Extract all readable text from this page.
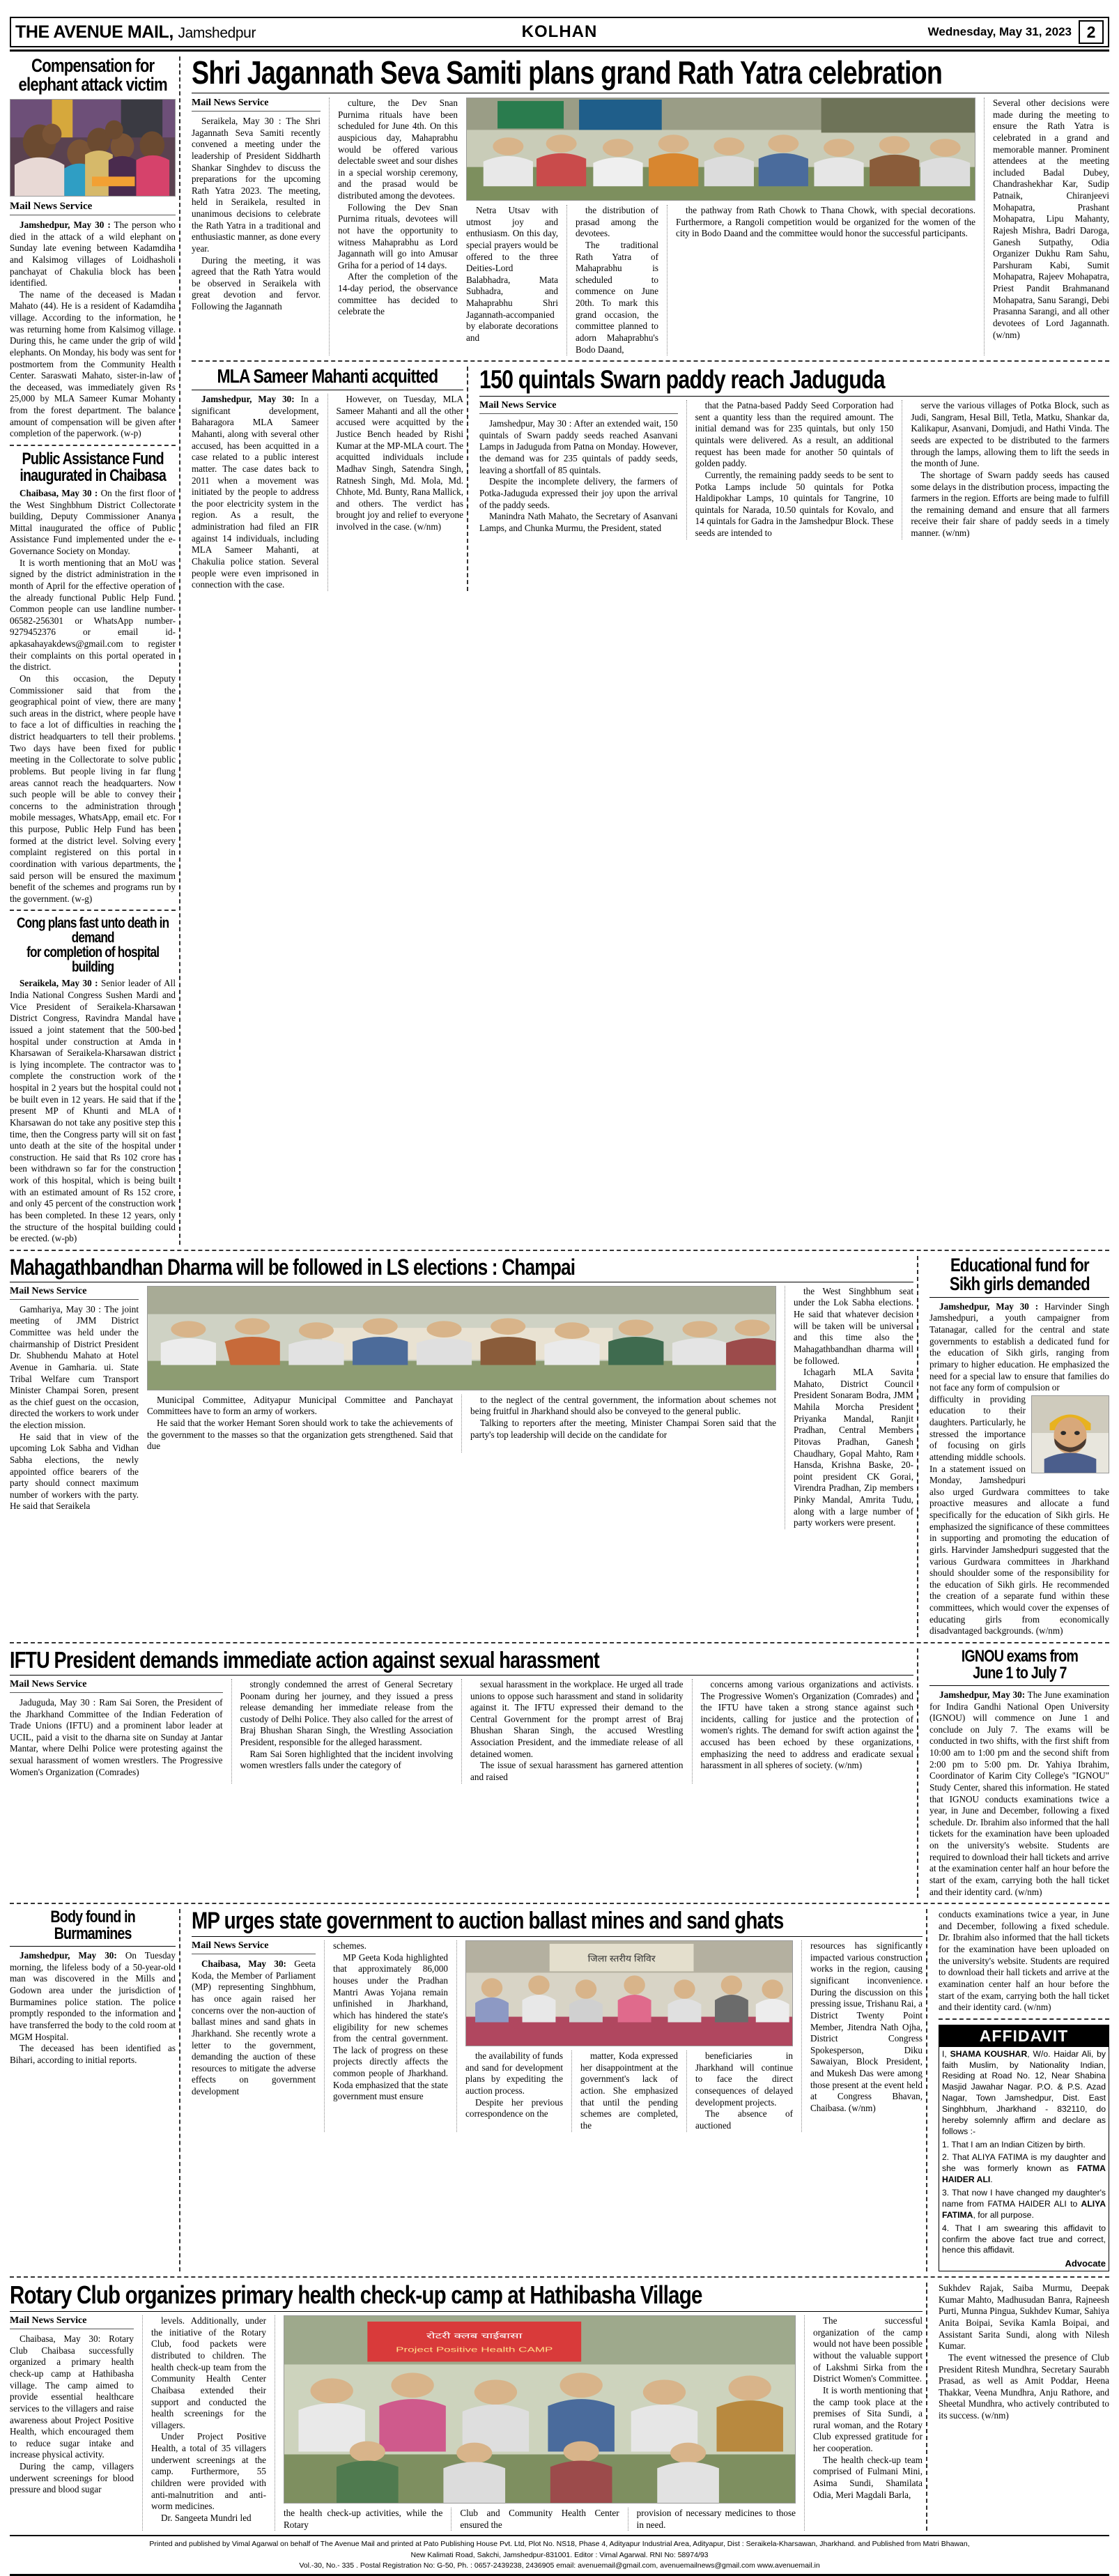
THE AVENUE MAIL, Jamshedpur	KOLHAN	Wednesday, May 31, 2023 2
Compensation for
elephant attack victim
Mail News Service

Jamshedpur, May 30 : The person who died in the attack of a wild elephant on Sunday late evening between Kadamdiha and Kalsimog villages of Loidhasholi panchayat of Chakulia block has been identified.

The name of the deceased is Madan Mahato (44). He is a resident of Kadamdiha village. According to the information, he was returning home from Kalsimog village. During this, he came under the grip of wild elephants. On Monday, his body was sent for postmortem from the Community Health Center. Saraswati Mahato, sister-in-law of the deceased, was immediately given Rs 25,000 by MLA Sameer Kumar Mohanty from the forest department. The balance amount of compensation will be given after completion of the paperwork. (w-p)

Public Assistance Fund
inaugurated in Chaibasa

Chaibasa, May 30 : On the first floor of the West Singhbhum District Collectorate building, Deputy Commissioner Ananya Mittal inaugurated the office of Public Assistance Fund implemented under the e-Governance Society on Monday.

It is worth mentioning that an MoU was signed by the district administration in the month of April for the effective operation of the already functional Public Help Fund. Common people can use landline number- 06582-256301 or WhatsApp number- 9279452376 or email id-apkasahayakdews@gmail.com to register their complaints on this portal operated in the district.

On this occasion, the Deputy Commissioner said that from the geographical point of view, there are many such areas in the district, where people have to face a lot of difficulties in reaching the district headquarters to tell their problems. Two days have been fixed for public meeting in the Collectorate to solve public problems. But people living in far flung areas cannot reach the headquarters. Now such people will be able to convey their concerns to the administration through mobile messages, WhatsApp, email etc. For this purpose, Public Help Fund has been formed at the district level. Solving every complaint registered on this portal in coordination with various departments, the said person will be ensured the maximum benefit of the schemes and programs run by the government. (w-g)

Cong plans fast unto death in demand
for completion of hospital building

Seraikela, May 30 : Senior leader of All India National Congress Sushen Mardi and Vice President of Seraikela-Kharsawan District Congress, Ravindra Mandal have issued a joint statement that the 500-bed hospital under construction at Amda in Kharsawan of Seraikela-Kharsawan district is lying incomplete. The contractor was to complete the construction work of the hospital in 2 years but the hospital could not be built even in 12 years. He said that if the present MP of Khunti and MLA of Kharsawan do not take any positive step this time, then the Congress party will sit on fast unto death at the site of the hospital under construction. He said that Rs 102 crore has been withdrawn so far for the construction work of this hospital, which is being built with an estimated amount of Rs 152 crore, and only 45 percent of the construction work has been completed. In these 12 years, only the structure of the hospital building could be erected. (w-pb)

Shri Jagannath Seva Samiti plans grand Rath Yatra celebration
Mail News Service

Seraikela, May 30 : The Shri Jagannath Seva Samiti recently convened a meeting under the leadership of President Siddharth Shankar Singhdev to discuss the preparations for the upcoming Rath Yatra 2023. The meeting, held in Seraikela, resulted in unanimous decisions to celebrate the Rath Yatra in a traditional and enthusiastic manner, as done every year.

During the meeting, it was agreed that the Rath Yatra would be observed in Seraikela with great devotion and fervor. Following the Jagannath

culture, the Dev Snan Purnima rituals have been scheduled for June 4th. On this auspicious day, Mahaprabhu would be offered various delectable sweet and sour dishes in a special worship ceremony, and the prasad would be distributed among the devotees.

Following the Dev Snan Purnima rituals, devotees will not have the opportunity to witness Mahaprabhu as Lord Jagannath will go into Amusar Griha for a period of 14 days.

After the completion of the 14-day period, the observance committee has decided to celebrate the

Netra Utsav with utmost joy and enthusiasm. On this day, special prayers would be offered to the three Deities-Lord Balabhadra, Mata Subhadra, and Mahaprabhu Shri Jagannath-accompanied by elaborate decorations and

the distribution of prasad among the devotees.

The traditional Rath Yatra of Mahaprabhu is scheduled to commence on June 20th. To mark this grand occasion, the committee planned to adorn Mahaprabhu's Bodo Daand,

the pathway from Rath Chowk to Thana Chowk, with special decorations. Furthermore, a Rangoli competition would be organized for the women of the city in Bodo Daand and the committee would honor the successful participants.

Several other decisions were made during the meeting to ensure the Rath Yatra is celebrated in a grand and memorable manner. Prominent attendees at the meeting included Badal Dubey, Chandrashekhar Kar, Sudip Patnaik, Chiranjeevi Mohapatra, Prashant Mohapatra, Lipu Mahanty, Rajesh Mishra, Badri Daroga, Ganesh Sutpathy, Odia Organizer Dukhu Ram Sahu, Parshuram Kabi, Sumit Mohapatra, Rajeev Mohapatra, Priest Pandit Brahmanand Mohapatra, Sanu Sarangi, Debi Prasanna Sarangi, and all other devotees of Lord Jagannath. (w/nm)

MLA Sameer Mahanti acquitted

Jamshedpur, May 30: In a significant development, Baharagora MLA Sameer Mahanti, along with several other accused, has been acquitted in a case related to a public interest matter. The case dates back to 2011 when a movement was initiated by the people to address the poor electricity system in the region. As a result, the administration had filed an FIR against 14 individuals, including MLA Sameer Mahanti, at Chakulia police station. Several people were even imprisoned in connection with the case.

However, on Tuesday, MLA Sameer Mahanti and all the other accused were acquitted by the Justice Bench headed by Rishi Kumar at the MP-MLA court. The acquitted individuals include Madhav Singh, Satendra Singh, Ratnesh Singh, Md. Mola, Md. Chhote, Md. Bunty, Rana Mallick, and others. The verdict has brought joy and relief to everyone involved in the case. (w/nm)

150 quintals Swarn paddy reach Jaduguda
Mail News Service

Jamshedpur, May 30 : After an extended wait, 150 quintals of Swarn paddy seeds reached Asanvani Lamps in Jaduguda from Patna on Monday. However, the demand was for 235 quintals of paddy seeds, leaving a shortfall of 85 quintals.

Despite the incomplete delivery, the farmers of Potka-Jaduguda expressed their joy upon the arrival of the paddy seeds.

Manindra Nath Mahato, the Secretary of Asanvani Lamps, and Chunka Murmu, the President, stated

that the Patna-based Paddy Seed Corporation had sent a quantity less than the required amount. The initial demand was for 235 quintals, but only 150 quintals were delivered. As a result, an additional request has been made for another 50 quintals of golden paddy.

Currently, the remaining paddy seeds to be sent to Potka Lamps include 50 quintals for Potka Haldipokhar Lamps, 10 quintals for Tangrine, 10 quintals for Narada, 10.50 quintals for Kovalo, and 14 quintals for Gadra in the Jamshedpur Block. These seeds are intended to

serve the various villages of Potka Block, such as Judi, Sangram, Hesal Bill, Tetla, Matku, Shankar da, Kalikapur, Asanvani, Domjudi, and Hathi Vinda. The seeds are expected to be distributed to the farmers through the lamps, allowing them to lift the seeds in the month of June.

The shortage of Swarn paddy seeds has caused some delays in the distribution process, impacting the farmers in the region. Efforts are being made to fulfill the remaining demand and ensure that all farmers receive their fair share of paddy seeds in a timely manner. (w/nm)

Mahagathbandhan Dharma will be followed in LS elections : Champai
Mail News Service

Gamhariya, May 30 : The joint meeting of JMM District Committee was held under the chairmanship of District President Dr. Shubhendu Mahato at Hotel Avenue in Gamharia. ui. State Tribal Welfare cum Transport Minister Champai Soren, present as the chief guest on the occasion, directed the workers to work under the election mission.

He said that in view of the upcoming Lok Sabha and Vidhan Sabha elections, the newly appointed office bearers of the party should connect maximum number of workers with the party. He said that Seraikela

Municipal Committee, Adityapur Municipal Committee and Panchayat Committees have to form an army of workers.

He said that the worker Hemant Soren should work to take the achievements of the government to the masses so that the organization gets strengthened. Said that due

to the neglect of the central government, the information about schemes not being fruitful in Jharkhand should also be conveyed to the general public.

Talking to reporters after the meeting, Minister Champai Soren said that the party's top leadership will decide on the candidate for

the West Singhbhum seat under the Lok Sabha elections. He said that whatever decision will be taken will be universal and this time also the Mahagathbandhan dharma will be followed.

Ichagarh MLA Savita Mahato, District Council President Sonaram Bodra, JMM Mahila Morcha President Priyanka Mandal, Ranjit Pradhan, Central Members Pitovas Pradhan, Ganesh Chaudhary, Gopal Mahto, Ram Hansda, Krishna Baske, 20-point president CK Gorai, Virendra Pradhan, Zip members Pinky Mandal, Amrita Tudu, along with a large number of party workers were present.

Educational fund for
Sikh girls demanded

Jamshedpur, May 30 : Harvinder Singh Jamshedpuri, a youth campaigner from Tatanagar, called for the central and state governments to establish a dedicated fund for the education of Sikh girls, ranging from primary to higher education. He emphasized the need for a special law to ensure that families do not face any form of compulsion or

difficulty in providing education to their daughters. Particularly, he stressed the importance of focusing on girls attending middle schools. In a statement issued on Monday, Jamshedpuri also urged Gurdwara committees to take proactive measures and allocate a fund specifically for the education of Sikh girls. He emphasized the significance of these committees in supporting and promoting the education of girls. Harvinder Jamshedpuri suggested that the various Gurdwara committees in Jharkhand should shoulder some of the responsibility for the education of Sikh girls. He recommended the creation of a separate fund within these committees, which would cover the expenses of educating girls from economically disadvantaged backgrounds. (w/nm)

IFTU President demands immediate action against sexual harassment
Mail News Service

Jaduguda, May 30 : Ram Sai Soren, the President of the Jharkhand Committee of the Indian Federation of Trade Unions (IFTU) and a prominent labor leader at UCIL, paid a visit to the dharna site on Sunday at Jantar Mantar, where Delhi Police were protesting against the sexual harassment of women wrestlers. The Progressive Women's Organization (Comrades)

strongly condemned the arrest of General Secretary Poonam during her journey, and they issued a press release demanding her immediate release from the custody of Delhi Police. They also called for the arrest of Braj Bhushan Sharan Singh, the Wrestling Association President, responsible for the alleged harassment.

Ram Sai Soren highlighted that the incident involving women wrestlers falls under the category of

sexual harassment in the workplace. He urged all trade unions to oppose such harassment and stand in solidarity against it. The IFTU expressed their demand to the Central Government for the prompt arrest of Braj Bhushan Sharan Singh, the accused Wrestling Association President, and the immediate release of all detained women.

The issue of sexual harassment has garnered attention and raised

concerns among various organizations and activists. The Progressive Women's Organization (Comrades) and the IFTU have taken a strong stance against such incidents, calling for justice and the protection of women's rights. The demand for swift action against the accused has been echoed by these organizations, emphasizing the need to address and eradicate sexual harassment in all spheres of society. (w/nm)

IGNOU exams from
June 1 to July 7

Jamshedpur, May 30: The June examination for Indira Gandhi National Open University (IGNOU) will commence on June 1 and conclude on July 7. The exams will be conducted in two shifts, with the first shift from 10:00 am to 1:00 pm and the second shift from 2:00 pm to 5:00 pm. Dr. Yahiya Ibrahim, Coordinator of Karim City College's "IGNOU" Study Center, shared this information. He stated that IGNOU conducts examinations twice a year, in June and December, following a fixed schedule. Dr. Ibrahim also informed that the hall tickets for the examination have been uploaded on the university's website. Students are required to download their hall tickets and arrive at the examination center half an hour before the start of the exam, carrying both the hall ticket and their identity card. (w/nm)

Body found in
Burmamines

Jamshedpur, May 30: On Tuesday morning, the lifeless body of a 50-year-old man was discovered in the Mills and Godown area under the jurisdiction of Burmamines police station. The police promptly responded to the information and have transferred the body to the cold room at MGM Hospital.

The deceased has been identified as Bihari, according to initial reports.

MP urges state government to auction ballast mines and sand ghats
Mail News Service

Chaibasa, May 30: Geeta Koda, the Member of Parliament (MP) representing Singhbhum, has once again raised her concerns over the non-auction of ballast mines and sand ghats in Jharkhand. She recently wrote a letter to the government, demanding the auction of these resources to mitigate the adverse effects on government development

schemes.

MP Geeta Koda highlighted that approximately 86,000 houses under the Pradhan Mantri Awas Yojana remain unfinished in Jharkhand, which has hindered the state's eligibility for new schemes from the central government. The lack of progress on these projects directly affects the common people of Jharkhand. Koda emphasized that the state government must ensure

जिला स्तरीय शिविर

the availability of funds and sand for development plans by expediting the auction process.

Despite her previous correspondence on the

matter, Koda expressed her disappointment at the government's lack of action. She emphasized that until the pending schemes are completed, the

beneficiaries in Jharkhand will continue to face the direct consequences of delayed development projects.

The absence of auctioned

resources has significantly impacted various construction works in the region, causing significant inconvenience. During the discussion on this pressing issue, Trishanu Rai, a District Twenty Point Member, Jitendra Nath Ojha, District Congress Spokesperson, Diku Sawaiyan, Block President, and Mukesh Das were among those present at the event held at Congress Bhavan, Chaibasa. (w/nm)

conducts examinations twice a year, in June and December, following a fixed schedule. Dr. Ibrahim also informed that the hall tickets for the examination have been uploaded on the university's website. Students are required to download their hall tickets and arrive at the examination center half an hour before the start of the exam, carrying both the hall ticket and their identity card. (w/nm)

AFFIDAVIT
I, SHAMA KOUSHAR, W/o. Haidar Ali, by faith Muslim, by Nationality Indian, Residing at Road No. 12, Near Shabina Masjid Jawahar Nagar. P.O. & P.S. Azad Nagar, Town Jamshedpur, Dist. East Singhbhum, Jharkhand - 832110, do hereby solemnly affirm and declare as follows :-
1. That I am an Indian Citizen by birth.
2. That ALIYA FATIMA is my daughter and she was formerly known as FATMA HAIDER ALI.
3. That now I have changed my daughter's name from FATMA HAIDER ALI to ALIYA FATIMA, for all purpose.
4. That I am swearing this affidavit to confirm the above fact true and correct, hence this affidavit.
Advocate
Rotary Club organizes primary health check-up camp at Hathibasha Village
Mail News Service

Chaibasa, May 30: Rotary Club Chaibasa successfully organized a primary health check-up camp at Hathibasha village. The camp aimed to provide essential healthcare services to the villagers and raise awareness about Project Positive Health, which encouraged them to reduce sugar intake and increase physical activity.

During the camp, villagers underwent screenings for blood pressure and blood sugar

levels. Additionally, under the initiative of the Rotary Club, food packets were distributed to children. The health check-up team from the Community Health Center Chaibasa extended their support and conducted the health screenings for the villagers.

Under Project Positive Health, a total of 35 villagers underwent screenings at the camp. Furthermore, 55 children were provided with anti-malnutrition and anti-worm medicines.

Dr. Sangeeta Mundri led

रोटरी क्लब चाईबासा
Project Positive Health CAMP

the health check-up activities, while the Rotary

Club and Community Health Center ensured the

provision of necessary medicines to those in need.

The successful organization of the camp would not have been possible without the valuable support of Lakshmi Sirka from the District Women's Committee.

It is worth mentioning that the camp took place at the premises of Sita Sundi, a rural woman, and the Rotary Club expressed gratitude for her cooperation.

The health check-up team comprised of Fulmani Mini, Asima Sundi, Shamilata Odia, Meri Magdali Barla,

Sukhdev Rajak, Saiba Murmu, Deepak Kumar Mahto, Madhusudan Banra, Rajneesh Purti, Munna Pingua, Sukhdev Kumar, Sahiya Anita Boipai, Sevika Kamla Boipai, and Assistant Sarita Sundi, along with Nilesh Kumar.

The event witnessed the presence of Club President Ritesh Mundhra, Secretary Saurabh Prasad, as well as Amit Poddar, Heena Thakkar, Veena Mundhra, Anju Rathore, and Sheetal Mundhra, who actively contributed to its success. (w/nm)

Printed and published by Vimal Agarwal on behalf of The Avenue Mail and printed at Pato Publishing House Pvt. Ltd, Plot No. NS18, Phase 4, Adityapur Industrial Area, Adityapur, Dist : Seraikela-Kharsawan, Jharkhand. and Published from Matri Bhawan,
New Kalimati Road, Sakchi, Jamshedpur-831001. Editor : Vimal Agarwal. RNI No: 58974/93
Vol.-30, No.- 335 . Postal Registration No: G-50, Ph. : 0657-2439238, 2436905 email: avenuemail@gmail.com, avenuemailnews@gmail.com www.avenuemail.in
